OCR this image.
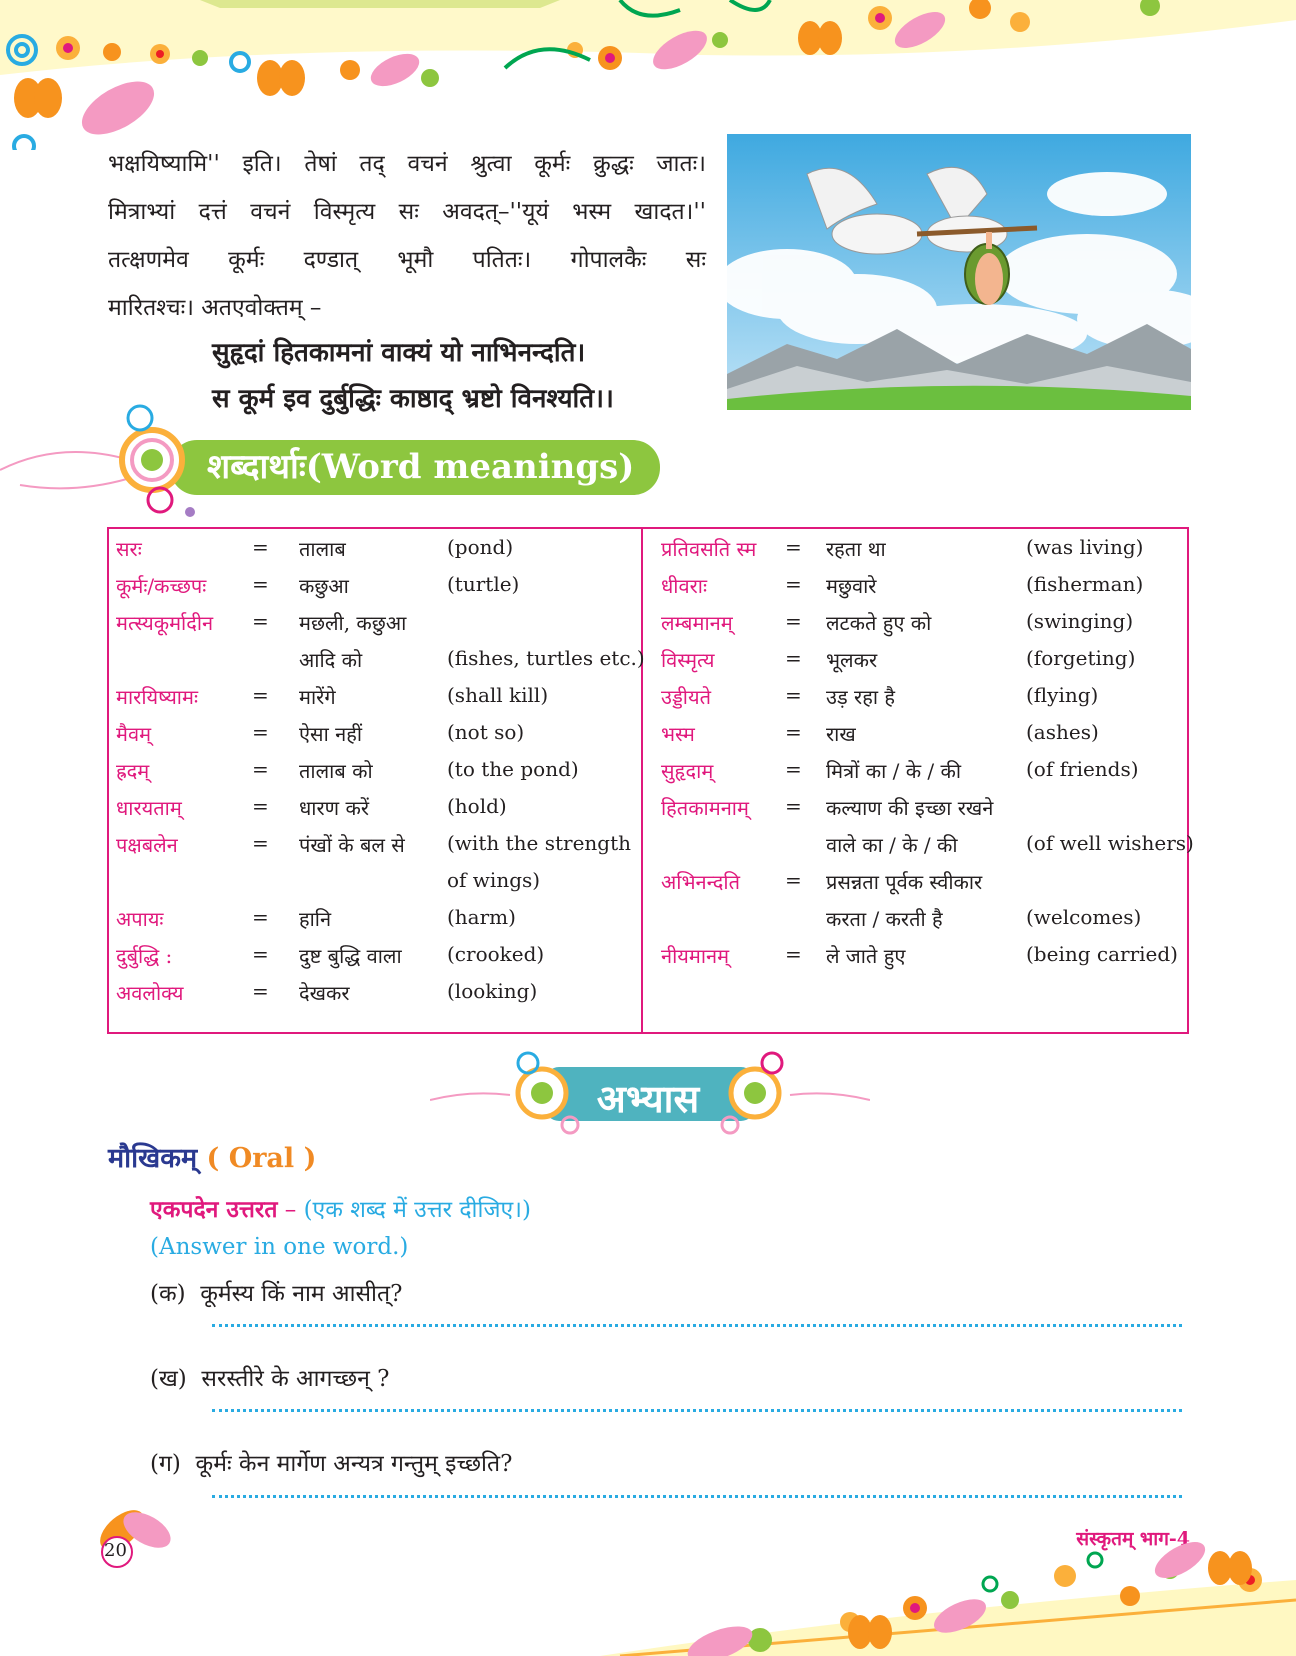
भक्षयिष्यामि'' इति। तेषां तद् वचनं श्रुत्वा कूर्मः क्रुद्धः जातः।
मित्राभ्यां दत्तं वचनं विस्मृत्य सः अवदत्–''यूयं भस्म खादत।''
तत्क्षणमेव कूर्मः दण्डात् भूमौ पतितः। गोपालकैः सः
मारितश्चः। अतएवोक्तम् –
सुहृदां हितकामनां वाक्यं यो नाभिनन्दति।
स कूर्म इव दुर्बुद्धिः काष्ठाद् भ्रष्टो विनश्यति।।
शब्दार्थाः(Word meanings)
सरः	= तालाब	(pond)
कूर्मः/कच्छपः = कछुआ	(turtle)
मत्स्यकूर्मादीन = मछली, कछुआ
आदि को	(fishes, turtles etc.)
मारयिष्यामः	= मारेंगे	(shall kill)
मैवम्	= ऐसा नहीं	(not so)
ह्रदम्	= तालाब को	(to the pond)
धारयताम्	= धारण करें	(hold)
पक्षबलेन	= पंखों के बल से (with the strength
of wings)
अपायः	= हानि	(harm)
दुर्बुद्धि :	= दुष्ट बुद्धि वाला (crooked)
अवलोक्य	= देखकर	(looking)
प्रतिवसति स्म = रहता था	(was living)
धीवराः	= मछुवारे	(fisherman)
लम्बमानम्	= लटकते हुए को	(swinging)
विस्मृत्य	= भूलकर	(forgeting)
उड्डीयते	= उड़ रहा है	(flying)
भस्म	= राख	(ashes)
सुहृदाम्	= मित्रों का / के / की	(of friends)
हितकामनाम् = कल्याण की इच्छा रखने
वाले का / के / की	(of well wishers)
अभिनन्दति = प्रसन्नता पूर्वक स्वीकार
करता / करती है	(welcomes)
नीयमानम्	= ले जाते हुए	(being carried)
अभ्यास
मौखिकम् ( Oral )
एकपदेन उत्तरत – (एक शब्द में उत्तर दीजिए।)
(Answer in one word.)
(क) कूर्मस्य किं नाम आसीत्?
(ख) सरस्तीरे के आगच्छन् ?
(ग) कूर्मः केन मार्गेण अन्यत्र गन्तुम् इच्छति?
20
संस्कृतम् भाग-4
